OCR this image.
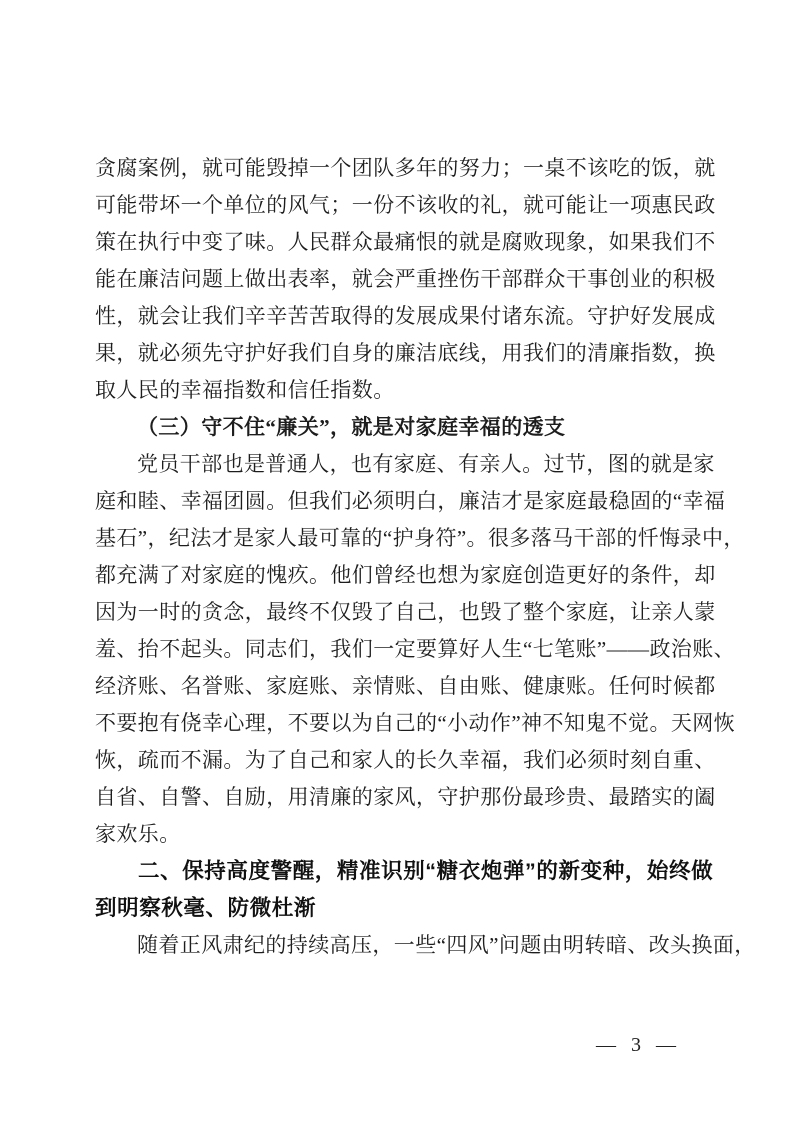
贪腐案例，就可能毁掉一个团队多年的努力；一桌不该吃的饭，就
可能带坏一个单位的风气；一份不该收的礼，就可能让一项惠民政
策在执行中变了味。人民群众最痛恨的就是腐败现象，如果我们不
能在廉洁问题上做出表率，就会严重挫伤干部群众干事创业的积极
性，就会让我们辛辛苦苦取得的发展成果付诸东流。守护好发展成
果，就必须先守护好我们自身的廉洁底线，用我们的清廉指数，换
取人民的幸福指数和信任指数。
（三）守不住“廉关”，就是对家庭幸福的透支
党员干部也是普通人，也有家庭、有亲人。过节，图的就是家
庭和睦、幸福团圆。但我们必须明白，廉洁才是家庭最稳固的“幸福
基石”，纪法才是家人最可靠的“护身符”。很多落马干部的忏悔录中，
都充满了对家庭的愧疚。他们曾经也想为家庭创造更好的条件，却
因为一时的贪念，最终不仅毁了自己，也毁了整个家庭，让亲人蒙
羞、抬不起头。同志们，我们一定要算好人生“七笔账”——政治账、
经济账、名誉账、家庭账、亲情账、自由账、健康账。任何时候都
不要抱有侥幸心理，不要以为自己的“小动作”神不知鬼不觉。天网恢
恢，疏而不漏。为了自己和家人的长久幸福，我们必须时刻自重、
自省、自警、自励，用清廉的家风，守护那份最珍贵、最踏实的阖
家欢乐。
二、保持高度警醒，精准识别“糖衣炮弹”的新变种，始终做
到明察秋毫、防微杜渐
随着正风肃纪的持续高压，一些“四风”问题由明转暗、改头换面，
— 3 —
